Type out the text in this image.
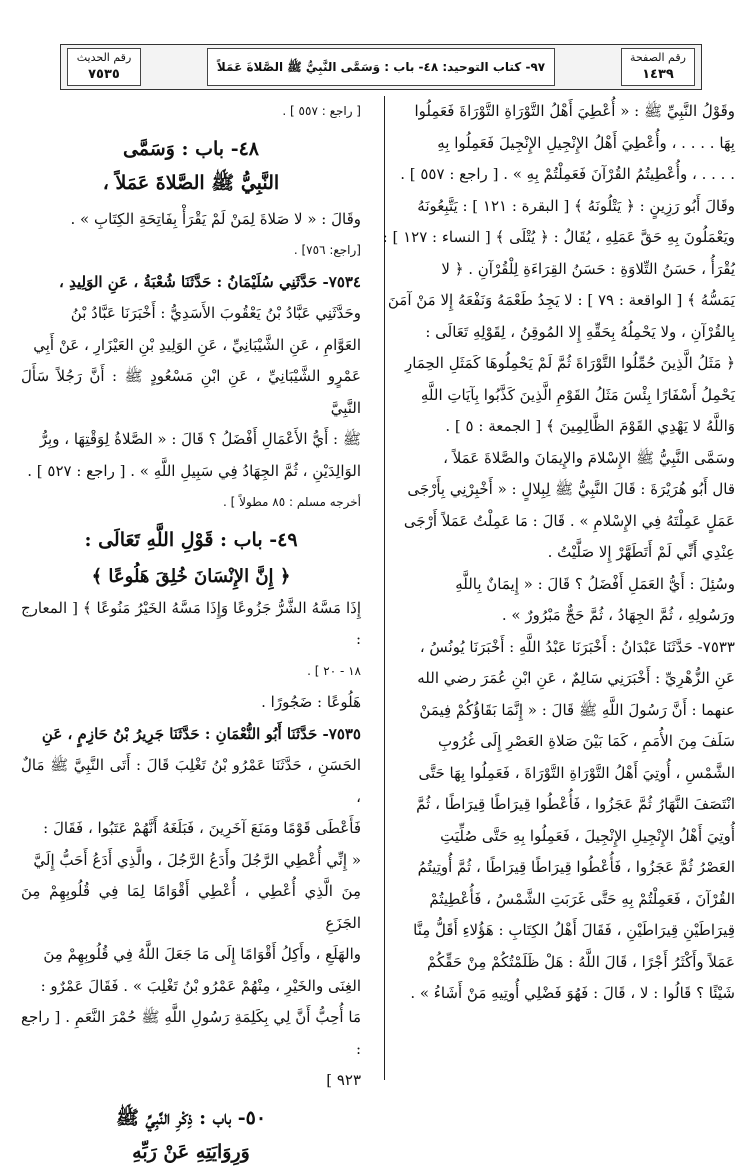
رقم الصفحة
١٤٣٩
٩٧- كتاب التوحيد: ٤٨- باب : وَسَمَّى النَّبِيُّ ﷺ الصَّلاةَ عَمَلاً
رقم الحديث
٧٥٣٥

وقَوْلُ النَّبِيِّ ﷺ : « أُعْطِيَ أَهْلُ التَّوْرَاةِ التَّوْرَاةَ فَعَمِلُوا

بِهَا . . . . ، وأُعْطِيَ أَهْلُ الإِنْجِيلِ الإِنْجِيلَ فَعَمِلُوا بِهِ

. . . . ، وأُعْطِيتُمُ القُرْآنَ فَعَمِلْتُمْ بِهِ » . [ راجع : ٥٥٧ ] .

وقَالَ أَبُو رَزِينٍ : ﴿ يَتْلُونَهُ ﴾ [ البقرة : ١٢١ ] : يَتَّبِعُونَهُ

ويَعْمَلُونَ بِهِ حَقَّ عَمَلِهِ ، يُقَالُ : ﴿ يُتْلَى ﴾ [ النساء : ١٢٧ ] :

يُقْرَأُ ، حَسَنُ التِّلاوَةِ : حَسَنُ القِرَاءَةِ لِلْقُرْآنِ . ﴿ لا

يَمَسُّهُ ﴾ [ الواقعة : ٧٩ ] : لا يَجِدُ طَعْمَهُ وَنَفْعَهُ إِلا مَنْ آمَنَ

بِالقُرْآنِ ، ولا يَحْمِلُهُ بِحَقِّهِ إِلا المُوقِنُ ، لِقَوْلِهِ تَعَالَى :

﴿ مَثَلُ الَّذِينَ حُمِّلُوا التَّوْرَاةَ ثُمَّ لَمْ يَحْمِلُوهَا كَمَثَلِ الحِمَارِ

يَحْمِلُ أَسْفَارًا بِئْسَ مَثَلُ القَوْمِ الَّذِينَ كَذَّبُوا بِآيَاتِ اللَّهِ

وَاللَّهُ لا يَهْدِي القَوْمَ الظَّالِمِينَ ﴾ [ الجمعة : ٥ ] .

وسَمَّى النَّبِيُّ ﷺ الإِسْلامَ والإِيمَانَ والصَّلاةَ عَمَلاً ،

قال أَبُو هُرَيْرَةَ : قَالَ النَّبِيُّ ﷺ لِبِلالٍ : « أَخْبِرْنِي بِأَرْجَى

عَمَلٍ عَمِلْتَهُ فِي الإِسْلامِ » . قَالَ : مَا عَمِلْتُ عَمَلاً أَرْجَى

عِنْدِي أَنِّي لَمْ أَتَطَهَّرْ إِلا صَلَّيْتُ .

وسُئِلَ : أَيُّ العَمَلِ أَفْضَلُ ؟ قَالَ : « إِيمَانٌ بِاللَّهِ

ورَسُولِهِ ، ثُمَّ الجِهَادُ ، ثُمَّ حَجٌّ مَبْرُورٌ » .

٧٥٣٣- حَدَّثَنَا عَبْدَانُ : أَخْبَرَنَا عَبْدُ اللَّهِ : أَخْبَرَنَا يُونُسُ ،

عَنِ الزُّهْرِيِّ : أَخْبَرَنِي سَالِمٌ ، عَنِ ابْنِ عُمَرَ رضي الله

عنهما : أَنَّ رَسُولَ اللَّهِ ﷺ قَالَ : « إِنَّمَا بَقَاؤُكُمْ فِيمَنْ

سَلَفَ مِنَ الأُمَمِ ، كَمَا بَيْنَ صَلاةِ العَصْرِ إِلَى غُرُوبِ

الشَّمْسِ ، أُوتِيَ أَهْلُ التَّوْرَاةِ التَّوْرَاةَ ، فَعَمِلُوا بِهَا حَتَّى

انْتَصَفَ النَّهَارُ ثُمَّ عَجَزُوا ، فَأُعْطُوا قِيرَاطًا قِيرَاطًا ، ثُمَّ

أُوتِيَ أَهْلُ الإِنْجِيلِ الإِنْجِيلَ ، فَعَمِلُوا بِهِ حَتَّى صُلِّيَتِ

العَصْرُ ثُمَّ عَجَزُوا ، فَأُعْطُوا قِيرَاطًا قِيرَاطًا ، ثُمَّ أُوتِيتُمُ

القُرْآنَ ، فَعَمِلْتُمْ بِهِ حَتَّى غَرَبَتِ الشَّمْسُ ، فَأُعْطِيتُمْ

قِيرَاطَيْنِ قِيرَاطَيْنِ ، فَقَالَ أَهْلُ الكِتَابِ : هَؤُلاءِ أَقَلُّ مِنَّا

عَمَلاً وأَكْثَرُ أَجْرًا ، قَالَ اللَّهُ : هَلْ ظَلَمْتُكُمْ مِنْ حَقِّكُمْ

شَيْئًا ؟ قَالُوا : لا ، قَالَ : فَهُوَ فَضْلِي أُوتِيهِ مَنْ أَشَاءُ » .

[ راجع : ٥٥٧ ] .

٤٨- باب : وَسَمَّى
النَّبِيُّ ﷺ الصَّلاةَ عَمَلاً ،

وقَالَ : « لا صَلاةَ لِمَنْ لَمْ يَقْرَأْ بِفَاتِحَةِ الكِتَابِ » .

[راجع: ٧٥٦] .

٧٥٣٤- حَدَّثَنِي سُلَيْمَانُ : حَدَّثَنَا شُعْبَةُ ، عَنِ الوَلِيدِ ،

وحَدَّثَنِي عَبَّادُ بْنُ يَعْقُوبَ الأَسَدِيُّ : أَخْبَرَنَا عَبَّادُ بْنُ

العَوَّامِ ، عَنِ الشَّيْبَانِيِّ ، عَنِ الوَلِيدِ بْنِ العَيْزَارِ ، عَنْ أَبِي

عَمْرٍو الشَّيْبَانِيِّ ، عَنِ ابْنِ مَسْعُودٍ ﷺ : أَنَّ رَجُلاً سَأَلَ النَّبِيَّ

ﷺ : أَيُّ الأَعْمَالِ أَفْضَلُ ؟ قَالَ : « الصَّلاةُ لِوَقْتِهَا ، وبِرُّ

الوَالِدَيْنِ ، ثُمَّ الجِهَادُ فِي سَبِيلِ اللَّهِ » . [ راجع : ٥٢٧ ] .

أخرجه مسلم : ٨٥ مطولاً ] .

٤٩- باب : قَوْلِ اللَّهِ تَعَالَى :
﴿ إِنَّ الإِنْسَانَ خُلِقَ هَلُوعًا ﴾

إِذَا مَسَّهُ الشَّرُّ جَزُوعًا وَإِذَا مَسَّهُ الخَيْرُ مَنُوعًا ﴾ [ المعارج :

١٨ - ٢٠ ] .

هَلُوعًا : ضَجُورًا .

٧٥٣٥- حَدَّثَنَا أَبُو النُّعْمَانِ : حَدَّثَنَا جَرِيرُ بْنُ حَازِمٍ ، عَنِ

الحَسَنِ ، حَدَّثَنَا عَمْرُو بْنُ تَغْلِبَ قَالَ : أَتَى النَّبِيَّ ﷺ مَالٌ ،

فَأَعْطَى قَوْمًا ومَنَعَ آخَرِينَ ، فَبَلَغَهُ أَنَّهُمْ عَتَبُوا ، فَقَالَ :

« إِنِّي أُعْطِي الرَّجُلَ وأَدَعُ الرَّجُلَ ، والَّذِي أَدَعُ أَحَبُّ إِلَيَّ

مِنَ الَّذِي أُعْطِي ، أُعْطِي أَقْوَامًا لِمَا فِي قُلُوبِهِمْ مِنَ الجَزَعِ

والهَلَعِ ، وأَكِلُ أَقْوَامًا إِلَى مَا جَعَلَ اللَّهُ فِي قُلُوبِهِمْ مِنَ

الغِنَى والخَيْرِ ، مِنْهُمْ عَمْرُو بْنُ تَغْلِبَ » . فَقَالَ عَمْرٌو :

مَا أُحِبُّ أَنَّ لِي بِكَلِمَةِ رَسُولِ اللَّهِ ﷺ حُمْرَ النَّعَمِ . [ راجع :

٩٢٣ ]

٥٠- باب : ذِكْرِ النَّبِيِّ ﷺ
وَرِوَايَتِهِ عَنْ رَبِّهِ
